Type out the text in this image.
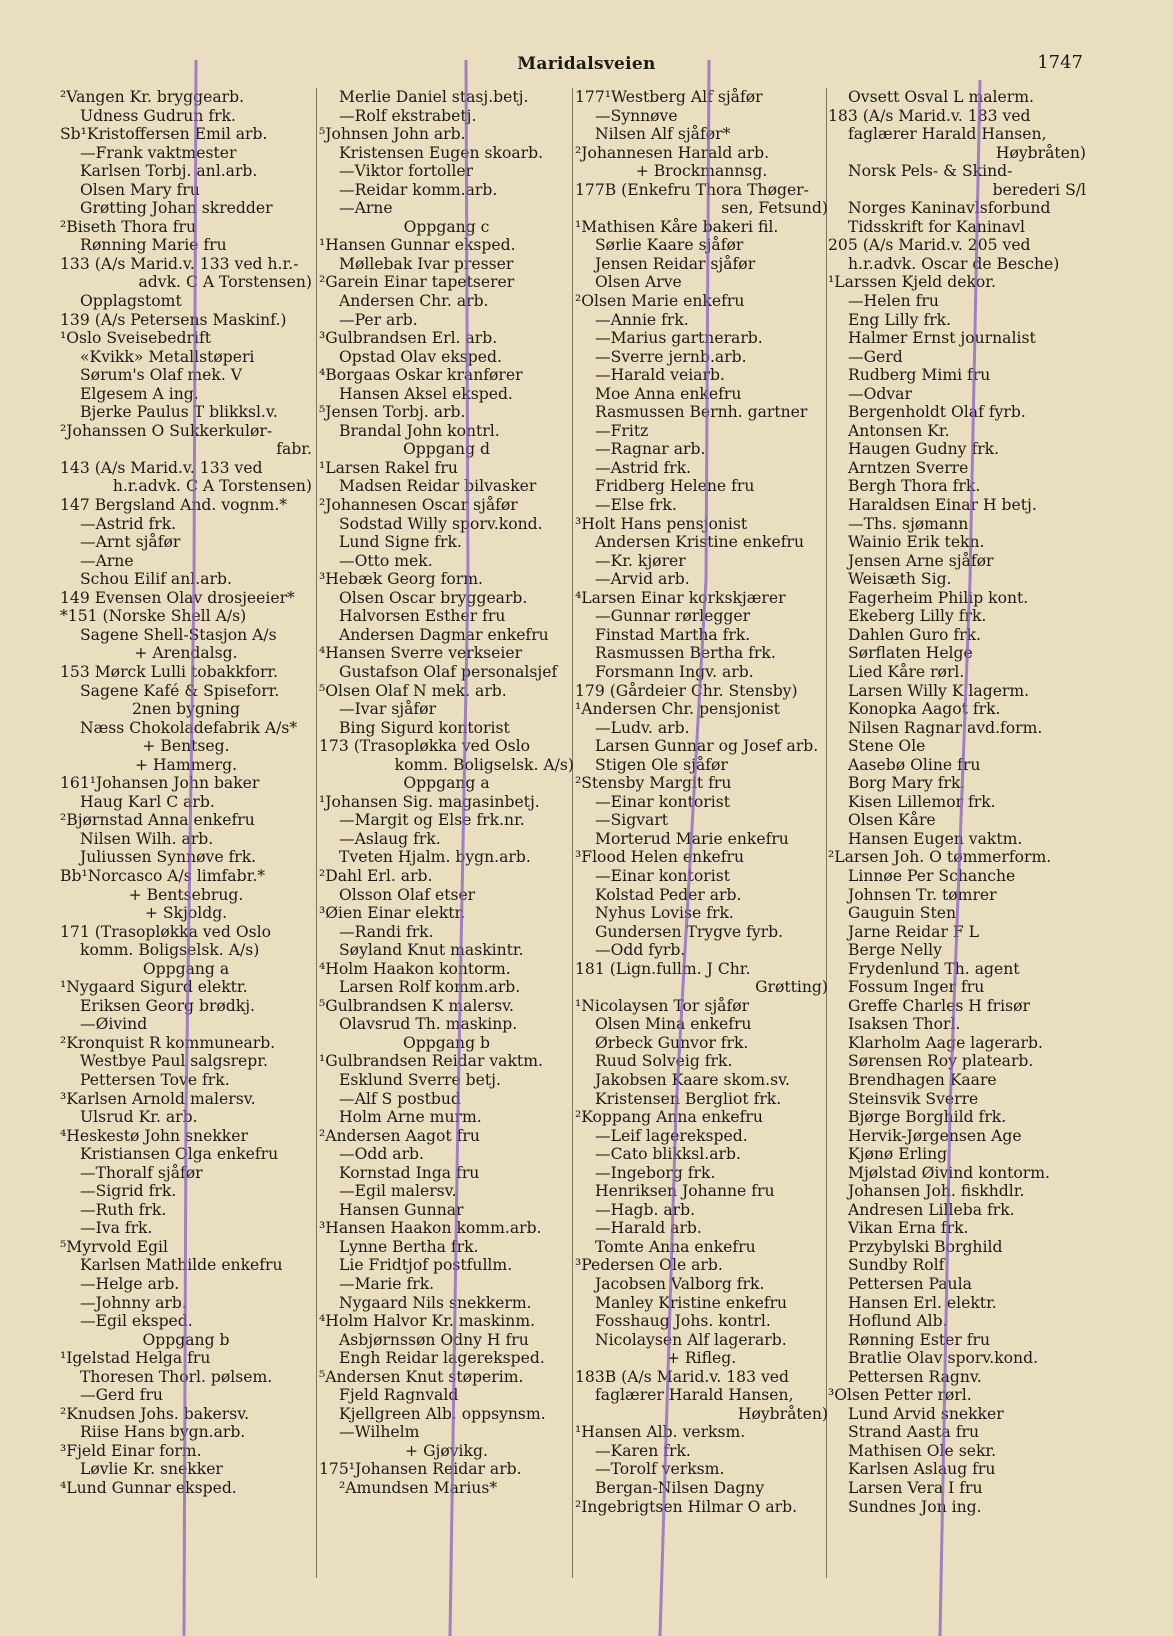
Maridalsveien	1747
²Vangen Kr. bryggearb.
Udness Gudrun frk.
Sb¹Kristoffersen Emil arb.
—Frank vaktmester
Karlsen Torbj. anl.arb.
Olsen Mary fru
Grøtting Johan skredder
²Biseth Thora fru
Rønning Marie fru
133 (A/s Marid.v. 133 ved h.r.-
advk. C A Torstensen)
Opplagstomt
139 (A/s Petersens Maskinf.)
¹Oslo Sveisebedrift
«Kvikk» Metallstøperi
Sørum's Olaf mek. V
Elgesem A ing.
Bjerke Paulus T blikksl.v.
²Johanssen O Sukkerkulør-
fabr.
143 (A/s Marid.v. 133 ved
h.r.advk. C A Torstensen)
147 Bergsland And. vognm.*
—Astrid frk.
—Arnt sjåfør
—Arne
Schou Eilif anl.arb.
149 Evensen Olav drosjeeier*
*151 (Norske Shell A/s)
Sagene Shell-Stasjon A/s
+ Arendalsg.
153 Mørck Lulli tobakkforr.
Sagene Kafé & Spiseforr.
2nen bygning
Næss Chokoladefabrik A/s*
+ Bentseg.
+ Hammerg.
161¹Johansen John baker
Haug Karl C arb.
²Bjørnstad Anna enkefru
Nilsen Wilh. arb.
Juliussen Synnøve frk.
Bb¹Norcasco A/s limfabr.*
+ Bentsebrug.
+ Skjoldg.
171 (Trasopløkka ved Oslo
komm. Boligselsk. A/s)
Oppgang a
¹Nygaard Sigurd elektr.
Eriksen Georg brødkj.
—Øivind
²Kronquist R kommunearb.
Westbye Paul salgsrepr.
Pettersen Tove frk.
³Karlsen Arnold malersv.
Ulsrud Kr. arb.
⁴Heskestø John snekker
Kristiansen Olga enkefru
—Thoralf sjåfør
—Sigrid frk.
—Ruth frk.
—Iva frk.
⁵Myrvold Egil
Karlsen Mathilde enkefru
—Helge arb.
—Johnny arb.
—Egil eksped.
Oppgang b
¹Igelstad Helga fru
Thoresen Thorl. pølsem.
—Gerd fru
²Knudsen Johs. bakersv.
Riise Hans bygn.arb.
³Fjeld Einar form.
Løvlie Kr. snekker
⁴Lund Gunnar eksped.
Merlie Daniel stasj.betj.
—Rolf ekstrabetj.
⁵Johnsen John arb.
Kristensen Eugen skoarb.
—Viktor fortoller
—Reidar komm.arb.
—Arne
Oppgang c
¹Hansen Gunnar eksped.
Møllebak Ivar presser
²Garein Einar tapetserer
Andersen Chr. arb.
—Per arb.
³Gulbrandsen Erl. arb.
Opstad Olav eksped.
⁴Borgaas Oskar kranfører
Hansen Aksel eksped.
⁵Jensen Torbj. arb.
Brandal John kontrl.
Oppgang d
¹Larsen Rakel fru
Madsen Reidar bilvasker
²Johannesen Oscar sjåfør
Sodstad Willy sporv.kond.
Lund Signe frk.
—Otto mek.
³Hebæk Georg form.
Olsen Oscar bryggearb.
Halvorsen Esther fru
Andersen Dagmar enkefru
⁴Hansen Sverre verkseier
Gustafson Olaf personalsjef
⁵Olsen Olaf N mek. arb.
—Ivar sjåfør
Bing Sigurd kontorist
173 (Trasopløkka ved Oslo
komm. Boligselsk. A/s)
Oppgang a
¹Johansen Sig. magasinbetj.
—Margit og Else frk.nr.
—Aslaug frk.
Tveten Hjalm. bygn.arb.
²Dahl Erl. arb.
Olsson Olaf etser
³Øien Einar elektr.
—Randi frk.
Søyland Knut maskintr.
⁴Holm Haakon kontorm.
Larsen Rolf komm.arb.
⁵Gulbrandsen K malersv.
Olavsrud Th. maskinp.
Oppgang b
¹Gulbrandsen Reidar vaktm.
Esklund Sverre betj.
—Alf S postbud
Holm Arne murm.
²Andersen Aagot fru
—Odd arb.
Kornstad Inga fru
—Egil malersv.
Hansen Gunnar
³Hansen Haakon komm.arb.
Lynne Bertha frk.
Lie Fridtjof postfullm.
—Marie frk.
Nygaard Nils snekkerm.
⁴Holm Halvor Kr. maskinm.
Asbjørnssøn Odny H fru
Engh Reidar lagereksped.
⁵Andersen Knut støperim.
Fjeld Ragnvald
Kjellgreen Alb. oppsynsm.
—Wilhelm
+ Gjøvikg.
175¹Johansen Reidar arb.
²Amundsen Marius*
177¹Westberg Alf sjåfør
—Synnøve
Nilsen Alf sjåfør*
²Johannesen Harald arb.
+ Brockmannsg.
177B (Enkefru Thora Thøger-
sen, Fetsund)
¹Mathisen Kåre bakeri fil.
Sørlie Kaare sjåfør
Jensen Reidar sjåfør
Olsen Arve
²Olsen Marie enkefru
—Annie frk.
—Marius gartnerarb.
—Sverre jernb.arb.
—Harald veiarb.
Moe Anna enkefru
Rasmussen Bernh. gartner
—Fritz
—Ragnar arb.
—Astrid frk.
Fridberg Helene fru
—Else frk.
³Holt Hans pensjonist
Andersen Kristine enkefru
—Kr. kjører
—Arvid arb.
⁴Larsen Einar korkskjærer
—Gunnar rørlegger
Finstad Martha frk.
Rasmussen Bertha frk.
Forsmann Ingv. arb.
179 (Gårdeier Chr. Stensby)
¹Andersen Chr. pensjonist
—Ludv. arb.
Larsen Gunnar og Josef arb.
Stigen Ole sjåfør
²Stensby Margit fru
—Einar kontorist
—Sigvart
Morterud Marie enkefru
³Flood Helen enkefru
—Einar kontorist
Kolstad Peder arb.
Nyhus Lovise frk.
Gundersen Trygve fyrb.
—Odd fyrb.
181 (Lign.fullm. J Chr.
Grøtting)
¹Nicolaysen Tor sjåfør
Olsen Mina enkefru
Ørbeck Gunvor frk.
Ruud Solveig frk.
Jakobsen Kaare skom.sv.
Kristensen Bergliot frk.
²Koppang Anna enkefru
—Leif lagereksped.
—Cato blikksl.arb.
—Ingeborg frk.
Henriksen Johanne fru
—Hagb. arb.
—Harald arb.
Tomte Anna enkefru
³Pedersen Ole arb.
Jacobsen Valborg frk.
Manley Kristine enkefru
Fosshaug Johs. kontrl.
Nicolaysen Alf lagerarb.
+ Rifleg.
183B (A/s Marid.v. 183 ved
faglærer Harald Hansen,
Høybråten)
¹Hansen Alb. verksm.
—Karen frk.
—Torolf verksm.
Bergan-Nilsen Dagny
²Ingebrigtsen Hilmar O arb.
Ovsett Osval L malerm.
183 (A/s Marid.v. 183 ved
faglærer Harald Hansen,
Høybråten)
Norsk Pels- & Skind-
berederi S/l
Norges Kaninavlsforbund
Tidsskrift for Kaninavl
205 (A/s Marid.v. 205 ved
h.r.advk. Oscar de Besche)
¹Larssen Kjeld dekor.
—Helen fru
Eng Lilly frk.
Halmer Ernst journalist
—Gerd
Rudberg Mimi fru
—Odvar
Bergenholdt Olaf fyrb.
Antonsen Kr.
Haugen Gudny frk.
Arntzen Sverre
Bergh Thora frk.
Haraldsen Einar H betj.
—Ths. sjømann
Wainio Erik tekn.
Jensen Arne sjåfør
Weisæth Sig.
Fagerheim Philip kont.
Ekeberg Lilly frk.
Dahlen Guro frk.
Sørflaten Helge
Lied Kåre rørl.
Larsen Willy K lagerm.
Konopka Aagot frk.
Nilsen Ragnar avd.form.
Stene Ole
Aasebø Oline fru
Borg Mary frk.
Kisen Lillemor frk.
Olsen Kåre
Hansen Eugen vaktm.
²Larsen Joh. O tømmerform.
Linnøe Per Schanche
Johnsen Tr. tømrer
Gauguin Sten
Jarne Reidar F L
Berge Nelly
Frydenlund Th. agent
Fossum Inger fru
Greffe Charles H frisør
Isaksen Thorl.
Klarholm Aage lagerarb.
Sørensen Roy platearb.
Brendhagen Kaare
Steinsvik Sverre
Bjørge Borghild frk.
Hervik-Jørgensen Age
Kjønø Erling
Mjølstad Øivind kontorm.
Johansen Joh. fiskhdlr.
Andresen Lilleba frk.
Vikan Erna frk.
Przybylski Borghild
Sundby Rolf
Pettersen Paula
Hansen Erl. elektr.
Hoflund Alb.
Rønning Ester fru
Bratlie Olav sporv.kond.
Pettersen Ragnv.
³Olsen Petter rørl.
Lund Arvid snekker
Strand Aasta fru
Mathisen Ole sekr.
Karlsen Aslaug fru
Larsen Vera I fru
Sundnes Jon ing.
